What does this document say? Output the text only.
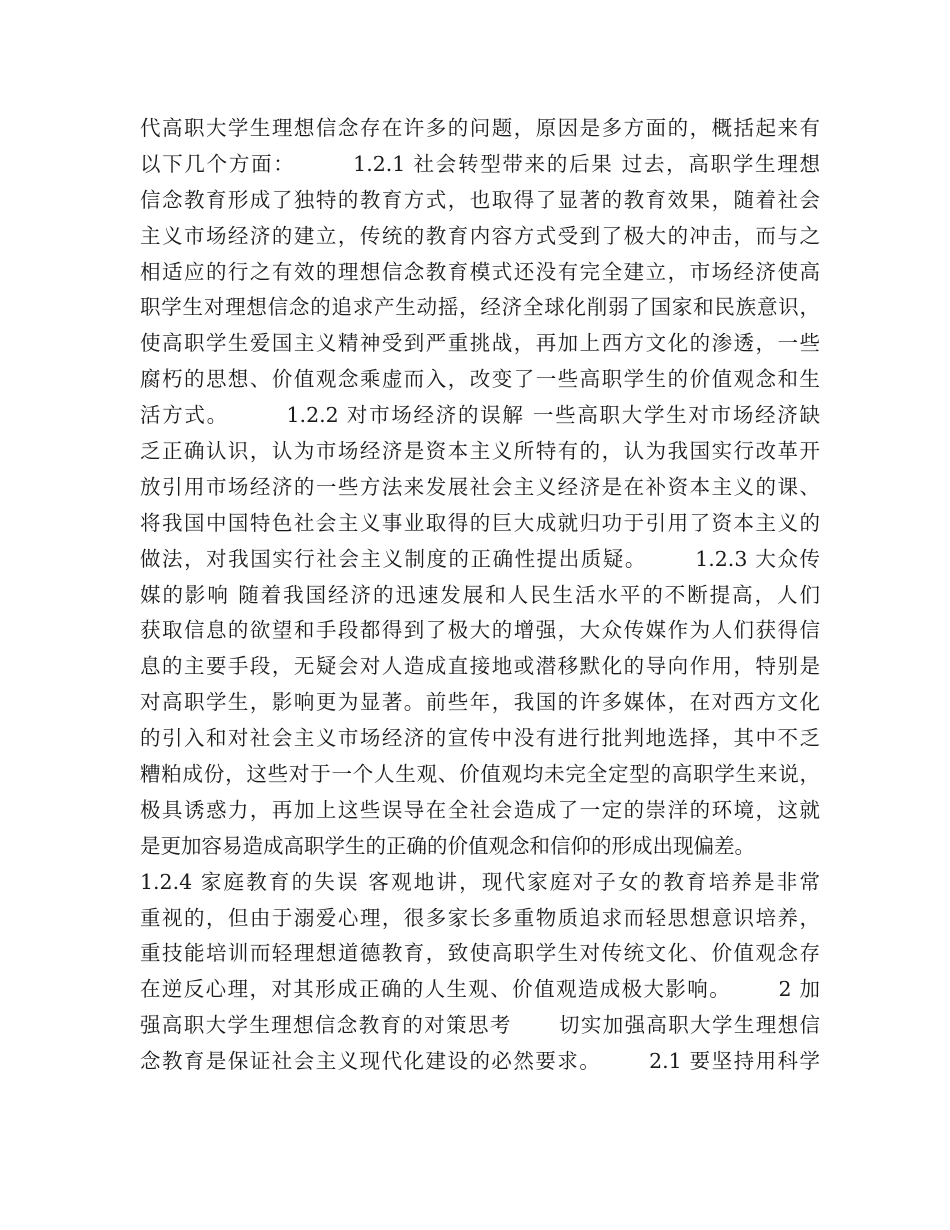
代高职大学生理想信念存在许多的问题，原因是多方面的，概括起来有
以下几个方面：       1.2.1 社会转型带来的后果 过去，高职学生理想
信念教育形成了独特的教育方式，也取得了显著的教育效果，随着社会
主义市场经济的建立，传统的教育内容方式受到了极大的冲击，而与之
相适应的行之有效的理想信念教育模式还没有完全建立，市场经济使高
职学生对理想信念的追求产生动摇，经济全球化削弱了国家和民族意识，
使高职学生爱国主义精神受到严重挑战，再加上西方文化的渗透，一些
腐朽的思想、价值观念乘虚而入，改变了一些高职学生的价值观念和生
活方式。       1.2.2 对市场经济的误解 一些高职大学生对市场经济缺
乏正确认识，认为市场经济是资本主义所特有的，认为我国实行改革开
放引用市场经济的一些方法来发展社会主义经济是在补资本主义的课、
将我国中国特色社会主义事业取得的巨大成就归功于引用了资本主义的
做法，对我国实行社会主义制度的正确性提出质疑。      1.2.3 大众传
媒的影响 随着我国经济的迅速发展和人民生活水平的不断提高，人们
获取信息的欲望和手段都得到了极大的增强，大众传媒作为人们获得信
息的主要手段，无疑会对人造成直接地或潜移默化的导向作用，特别是
对高职学生，影响更为显著。前些年，我国的许多媒体，在对西方文化
的引入和对社会主义市场经济的宣传中没有进行批判地选择，其中不乏
糟粕成份，这些对于一个人生观、价值观均未完全定型的高职学生来说，
极具诱惑力，再加上这些误导在全社会造成了一定的崇洋的环境，这就
是更加容易造成高职学生的正确的价值观念和信仰的形成出现偏差。
1.2.4 家庭教育的失误 客观地讲，现代家庭对子女的教育培养是非常
重视的，但由于溺爱心理，很多家长多重物质追求而轻思想意识培养，
重技能培训而轻理想道德教育，致使高职学生对传统文化、价值观念存
在逆反心理，对其形成正确的人生观、价值观造成极大影响。      2 加
强高职大学生理想信念教育的对策思考      切实加强高职大学生理想信
念教育是保证社会主义现代化建设的必然要求。      2.1 要坚持用科学
